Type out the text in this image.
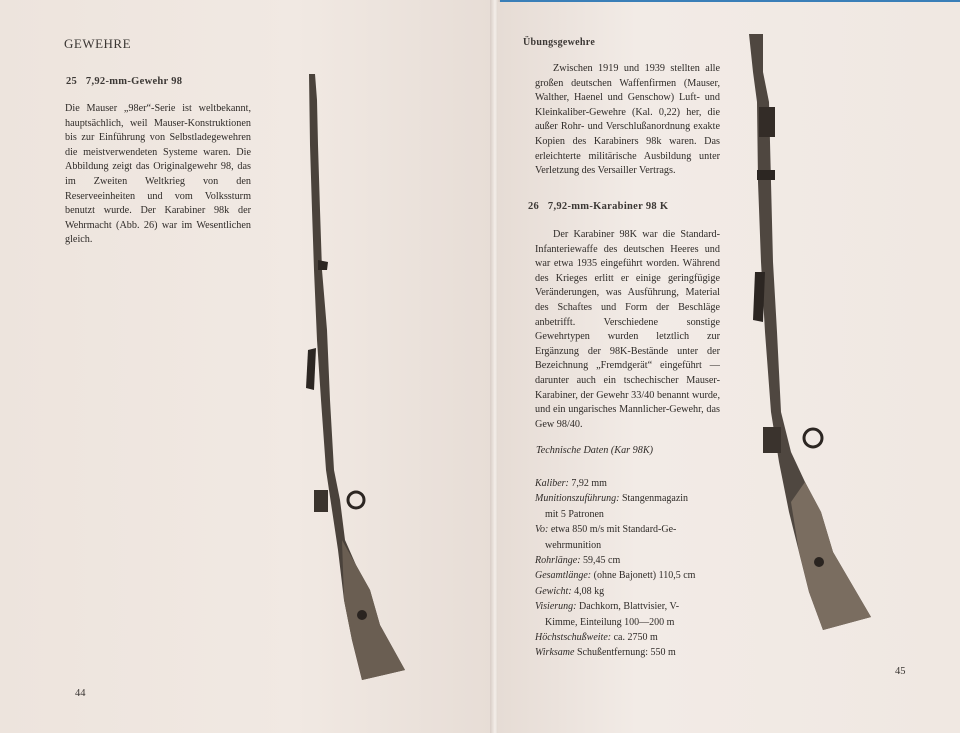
GEWEHRE
25 7,92-mm-Gewehr 98
Die Mauser „98er“-Serie ist weltbekannt, hauptsächlich, weil Mauser-Konstruktionen bis zur Einführung von Selbstladegewehren die meistverwendeten Systeme waren. Die Abbildung zeigt das Originalgewehr 98, das im Zweiten Weltkrieg von den Reserveeinheiten und vom Volkssturm benutzt wurde. Der Karabiner 98k der Wehrmacht (Abb. 26) war im Wesentlichen gleich.
44
Übungsgewehre
Zwischen 1919 und 1939 stellten alle großen deutschen Waffenfirmen (Mauser, Walther, Haenel und Genschow) Luft- und Kleinkaliber-Gewehre (Kal. 0,22) her, die außer Rohr- und Verschlußanordnung exakte Kopien des Karabiners 98k waren. Das erleichterte militärische Ausbildung unter Verletzung des Versailler Vertrags.
26 7,92-mm-Karabiner 98 K
Der Karabiner 98K war die Standard-Infanteriewaffe des deutschen Heeres und war etwa 1935 eingeführt worden. Während des Krieges erlitt er einige geringfügige Veränderungen, was Ausführung, Material des Schaftes und Form der Beschläge anbetrifft. Verschiedene sonstige Gewehrtypen wurden letztlich zur Ergänzung der 98K-Bestände unter der Bezeichnung „Fremdgerät“ eingeführt — darunter auch ein tschechischer Mauser-Karabiner, der Gewehr 33/40 benannt wurde, und ein ungarisches Mannlicher-Gewehr, das Gew 98/40.
Technische Daten (Kar 98K)
Kaliber: 7,92 mm
Munitionszuführung: Stangenmagazin
mit 5 Patronen
Vo: etwa 850 m/s mit Standard-Ge-
wehrmunition
Rohrlänge: 59,45 cm
Gesamtlänge: (ohne Bajonett) 110,5 cm
Gewicht: 4,08 kg
Visierung: Dachkorn, Blattvisier, V-
Kimme, Einteilung 100—200 m
Höchstschußweite: ca. 2750 m
Wirksame Schußentfernung: 550 m
45
